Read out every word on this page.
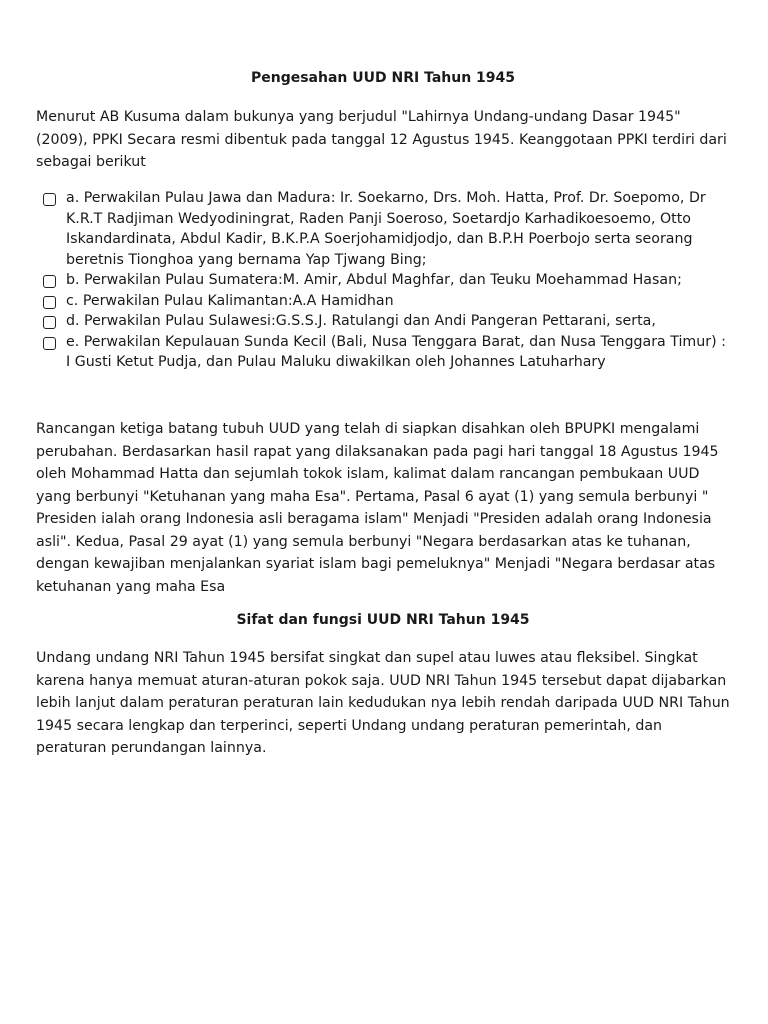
Pengesahan UUD NRI Tahun 1945

Menurut AB Kusuma dalam bukunya yang berjudul "Lahirnya Undang-undang Dasar 1945" (2009), PPKI Secara resmi dibentuk pada tanggal 12 Agustus 1945. Keanggotaan PPKI terdiri dari sebagai berikut

a. Perwakilan Pulau Jawa dan Madura: Ir. Soekarno, Drs. Moh. Hatta, Prof. Dr. Soepomo, Dr K.R.T Radjiman Wedyodiningrat, Raden Panji Soeroso, Soetardjo Karhadikoesoemo, Otto Iskandardinata, Abdul Kadir, B.K.P.A Soerjohamidjodjo, dan B.P.H Poerbojo serta seorang beretnis Tionghoa yang bernama Yap Tjwang Bing;
b. Perwakilan Pulau Sumatera:M. Amir, Abdul Maghfar, dan Teuku Moehammad Hasan;
c. Perwakilan Pulau Kalimantan:A.A Hamidhan
d. Perwakilan Pulau Sulawesi:G.S.S.J. Ratulangi dan Andi Pangeran Pettarani, serta,
e. Perwakilan Kepulauan Sunda Kecil (Bali, Nusa Tenggara Barat, dan Nusa Tenggara Timur) : I Gusti Ketut Pudja, dan Pulau Maluku diwakilkan oleh Johannes Latuharhary

Rancangan ketiga batang tubuh UUD yang telah di siapkan disahkan oleh BPUPKI mengalami perubahan. Berdasarkan hasil rapat yang dilaksanakan pada pagi hari tanggal 18 Agustus 1945 oleh Mohammad Hatta dan sejumlah tokok islam, kalimat dalam rancangan pembukaan UUD yang berbunyi "Ketuhanan yang maha Esa". Pertama, Pasal 6 ayat (1) yang semula berbunyi " Presiden ialah orang Indonesia asli beragama islam" Menjadi "Presiden adalah orang Indonesia asli". Kedua, Pasal 29 ayat (1) yang semula berbunyi "Negara berdasarkan atas ke tuhanan, dengan kewajiban menjalankan syariat islam bagi pemeluknya" Menjadi "Negara berdasar atas ketuhanan yang maha Esa

Sifat dan fungsi UUD NRI Tahun 1945

Undang undang NRI Tahun 1945 bersifat singkat dan supel atau luwes atau fleksibel. Singkat karena hanya memuat aturan-aturan pokok saja. UUD NRI Tahun 1945 tersebut dapat dijabarkan lebih lanjut dalam peraturan peraturan lain kedudukan nya lebih rendah daripada UUD NRI Tahun 1945 secara lengkap dan terperinci, seperti Undang undang peraturan pemerintah, dan peraturan perundangan lainnya.
